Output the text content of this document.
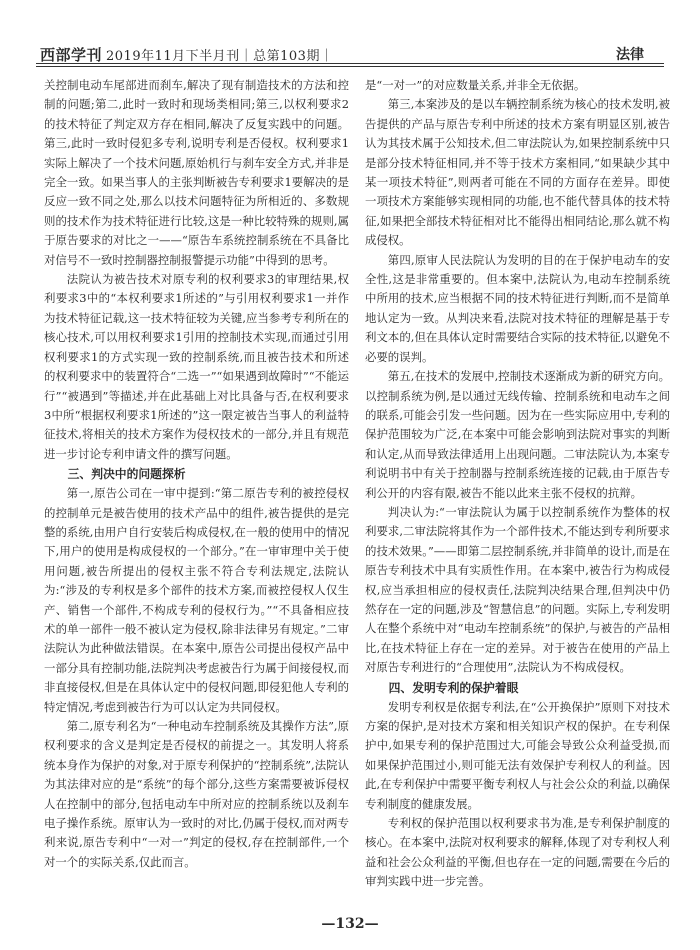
西部学刊 2019年11月下半月刊｜总第103期｜	法律

关控制电动车尾部进而刹车,解决了现有制造技术的方法和控制的问题;第二,此时一致时和现场类相同;第三,以权利要求2的技术特征了判定双方存在相同,解决了反复实践中的问题。第三,此时一致时侵犯多专利,说明专利是否侵权。权利要求1实际上解决了一个技术问题,原始机行与刹车安全方式,并非是完全一致。如果当事人的主张判断被告专利要求1要解决的是反应一致不同之处,那么以技术问题特征为所相近的、多数规则的技术作为技术特征进行比较,这是一种比较特殊的规则,属于原告要求的对比之一——“原告车系统控制系统在不具备比对信号不一致时控制器控制报警提示功能”中得到的思考。

法院认为被告技术对原专利的权利要求3的审理结果,权利要求3中的“本权利要求1所述的”与引用权利要求1一并作为技术特征记载,这一技术特征较为关键,应当参考专利所在的核心技术,可以用权利要求1引用的控制技术实现,而通过引用权利要求1的方式实现一致的控制系统,而且被告技术和所述的权利要求中的装置符合“二选一”“如果遇到故障时”“不能运行”“被遇到”等描述,并在此基础上对比具备与否,在权利要求3中所“根据权利要求1所述的”这一限定被告当事人的利益特征技术,将相关的技术方案作为侵权技术的一部分,并且有规范进一步讨论专利申请文件的撰写问题。

三、判决中的问题探析

第一,原告公司在一审中提到:“第二原告专利的被控侵权的控制单元是被告使用的技术产品中的组件,被告提供的是完整的系统,由用户自行安装后构成侵权,在一般的使用中的情况下,用户的使用是构成侵权的一个部分。”在一审审理中关于使用问题,被告所提出的侵权主张不符合专利法规定,法院认为:“涉及的专利权是多个部件的技术方案,而被控侵权人仅生产、销售一个部件,不构成专利的侵权行为。”“不具备相应技术的单一部件一般不被认定为侵权,除非法律另有规定。”二审法院认为此种做法错误。在本案中,原告公司提出侵权产品中一部分具有控制功能,法院判决考虑被告行为属于间接侵权,而非直接侵权,但是在具体认定中的侵权问题,即侵犯他人专利的特定情况,考虑到被告行为可以认定为共同侵权。

第二,原专利名为“一种电动车控制系统及其操作方法”,原权利要求的含义是判定是否侵权的前提之一。其发明人将系统本身作为保护的对象,对于原专利保护的“控制系统”,法院认为其法律对应的是“系统”的每个部分,这些方案需要被诉侵权人在控制中的部分,包括电动车中所对应的控制系统以及刹车电子操作系统。原审认为一致时的对比,仍属于侵权,而对两专利来说,原告专利中“一对一”判定的侵权,存在控制部件,一个对一个的实际关系,仅此而言。

是“一对一”的对应数量关系,并非全无依据。

第三,本案涉及的是以车辆控制系统为核心的技术发明,被告提供的产品与原告专利中所述的技术方案有明显区别,被告认为其技术属于公知技术,但二审法院认为,如果控制系统中只是部分技术特征相同,并不等于技术方案相同,“如果缺少其中某一项技术特征”,则两者可能在不同的方面存在差异。即使一项技术方案能够实现相同的功能,也不能代替具体的技术特征,如果把全部技术特征相对比不能得出相同结论,那么就不构成侵权。

第四,原审人民法院认为发明的目的在于保护电动车的安全性,这是非常重要的。但本案中,法院认为,电动车控制系统中所用的技术,应当根据不同的技术特征进行判断,而不是简单地认定为一致。从判决来看,法院对技术特征的理解是基于专利文本的,但在具体认定时需要结合实际的技术特征,以避免不必要的误判。

第五,在技术的发展中,控制技术逐渐成为新的研究方向。以控制系统为例,是以通过无线传输、控制系统和电动车之间的联系,可能会引发一些问题。因为在一些实际应用中,专利的保护范围较为广泛,在本案中可能会影响到法院对事实的判断和认定,从而导致法律适用上出现问题。二审法院认为,本案专利说明书中有关于控制器与控制系统连接的记载,由于原告专利公开的内容有限,被告不能以此来主张不侵权的抗辩。

判决认为:“一审法院认为属于以控制系统作为整体的权利要求,二审法院将其作为一个部件技术,不能达到专利所要求的技术效果。”——即第二层控制系统,并非简单的设计,而是在原告专利技术中具有实质性作用。在本案中,被告行为构成侵权,应当承担相应的侵权责任,法院判决结果合理,但判决中仍然存在一定的问题,涉及“智慧信息”的问题。实际上,专利发明人在整个系统中对“电动车控制系统”的保护,与被告的产品相比,在技术特征上存在一定的差异。对于被告在使用的产品上对原告专利进行的“合理使用”,法院认为不构成侵权。

四、发明专利的保护着眼

发明专利权是依据专利法,在“公开换保护”原则下对技术方案的保护,是对技术方案和相关知识产权的保护。在专利保护中,如果专利的保护范围过大,可能会导致公众利益受损,而如果保护范围过小,则可能无法有效保护专利权人的利益。因此,在专利保护中需要平衡专利权人与社会公众的利益,以确保专利制度的健康发展。

专利权的保护范围以权利要求书为准,是专利保护制度的核心。在本案中,法院对权利要求的解释,体现了对专利权人利益和社会公众利益的平衡,但也存在一定的问题,需要在今后的审判实践中进一步完善。

—132—
